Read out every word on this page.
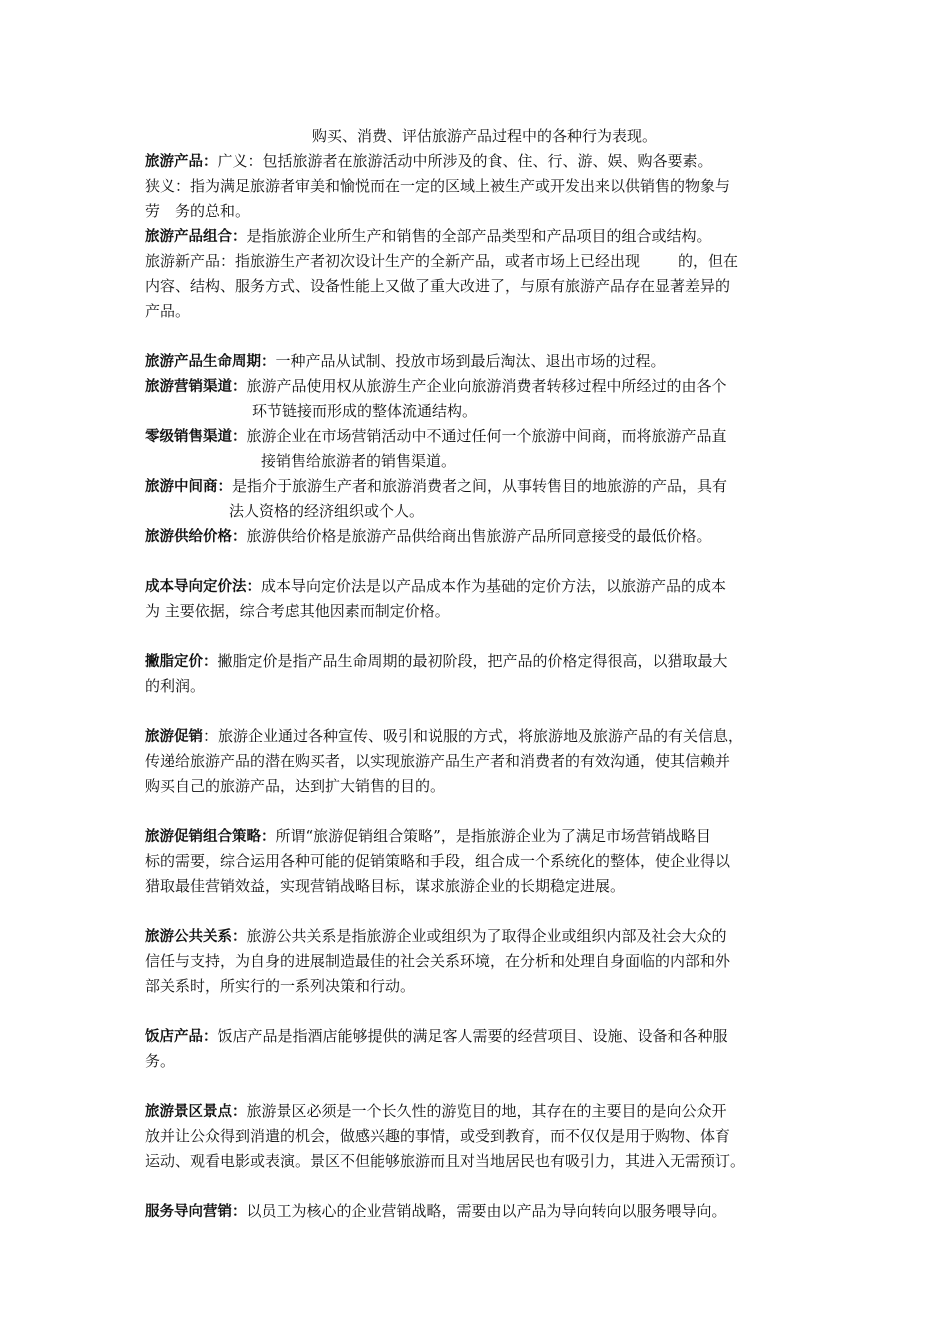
购买、消费、评估旅游产品过程中的各种行为表现。
旅游产品：广义：包括旅游者在旅游活动中所涉及的食、住、行、游、娱、购各要素。
狭义：指为满足旅游者审美和愉悦而在一定的区域上被生产或开发出来以供销售的物象与
劳　务的总和。
旅游产品组合：是指旅游企业所生产和销售的全部产品类型和产品项目的组合或结构。
旅游新产品：指旅游生产者初次设计生产的全新产品，或者市场上已经出现	的，但在
内容、结构、服务方式、设备性能上又做了重大改进了，与原有旅游产品存在显著差异的
产品。
旅游产品生命周期：一种产品从试制、投放市场到最后淘汰、退出市场的过程。
旅游营销渠道：旅游产品使用权从旅游生产企业向旅游消费者转移过程中所经过的由各个
环节链接而形成的整体流通结构。
零级销售渠道：旅游企业在市场营销活动中不通过任何一个旅游中间商，而将旅游产品直
接销售给旅游者的销售渠道。
旅游中间商：是指介于旅游生产者和旅游消费者之间，从事转售目的地旅游的产品，具有
法人资格的经济组织或个人。
旅游供给价格：旅游供给价格是旅游产品供给商出售旅游产品所同意接受的最低价格。
成本导向定价法：成本导向定价法是以产品成本作为基础的定价方法，以旅游产品的成本
为 主要依据，综合考虑其他因素而制定价格。
撇脂定价：撇脂定价是指产品生命周期的最初阶段，把产品的价格定得很高，以猎取最大
的利润。
旅游促销：旅游企业通过各种宣传、吸引和说服的方式，将旅游地及旅游产品的有关信息，
传递给旅游产品的潜在购买者，以实现旅游产品生产者和消费者的有效沟通，使其信赖并
购买自己的旅游产品，达到扩大销售的目的。
旅游促销组合策略：所谓“旅游促销组合策略”，是指旅游企业为了满足市场营销战略目
标的需要，综合运用各种可能的促销策略和手段，组合成一个系统化的整体，使企业得以
猎取最佳营销效益，实现营销战略目标，谋求旅游企业的长期稳定进展。
旅游公共关系：旅游公共关系是指旅游企业或组织为了取得企业或组织内部及社会大众的
信任与支持，为自身的进展制造最佳的社会关系环境，在分析和处理自身面临的内部和外
部关系时，所实行的一系列决策和行动。
饭店产品：饭店产品是指酒店能够提供的满足客人需要的经营项目、设施、设备和各种服
务。
旅游景区景点：旅游景区必须是一个长久性的游览目的地，其存在的主要目的是向公众开
放并让公众得到消遣的机会，做感兴趣的事情，或受到教育，而不仅仅是用于购物、体育
运动、观看电影或表演。景区不但能够旅游而且对当地居民也有吸引力，其进入无需预订。
服务导向营销：以员工为核心的企业营销战略，需要由以产品为导向转向以服务喂导向。
